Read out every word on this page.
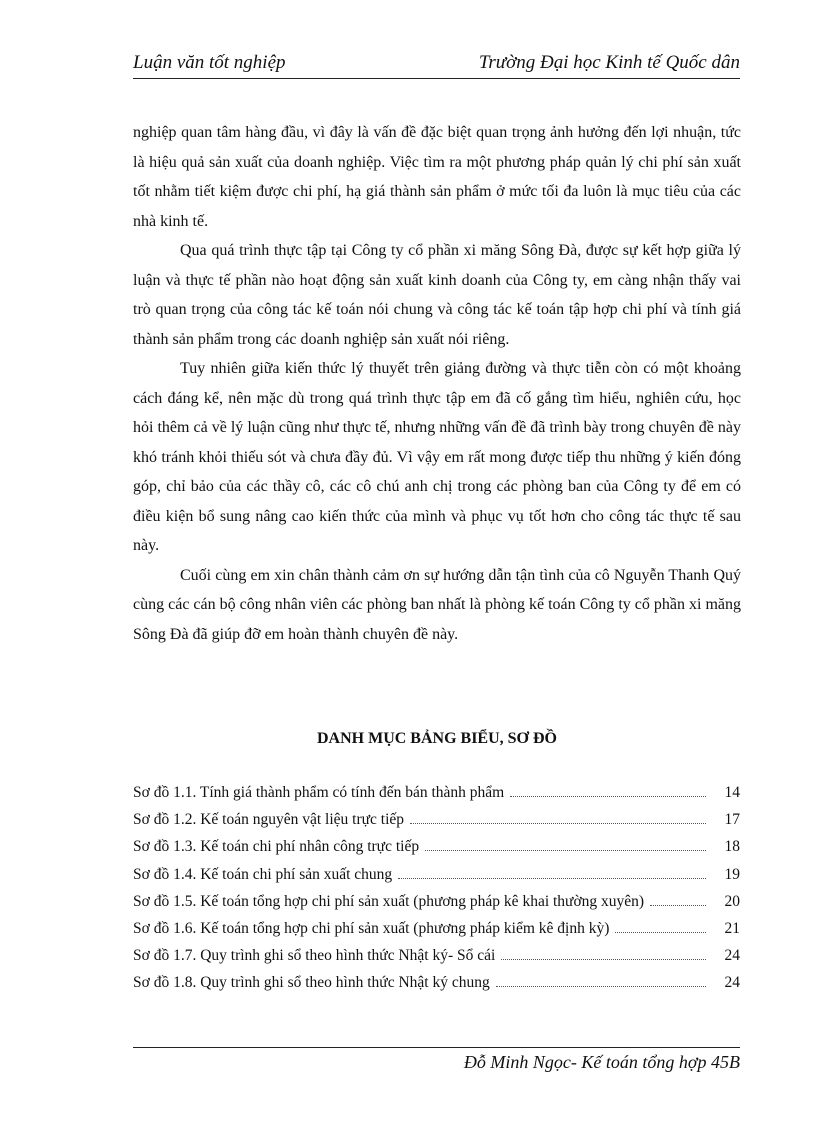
Luận văn tốt nghiệp	Trường Đại học Kinh tế Quốc dân

nghiệp quan tâm hàng đầu, vì đây là vấn đề đặc biệt quan trọng ảnh hưởng đến lợi nhuận, tức là hiệu quả sản xuất của doanh nghiệp. Việc tìm ra một phương pháp quản lý chi phí sản xuất tốt nhằm tiết kiệm được chi phí, hạ giá thành sản phẩm ở mức tối đa luôn là mục tiêu của các nhà kinh tế.

Qua quá trình thực tập tại Công ty cổ phần xi măng Sông Đà, được sự kết hợp giữa lý luận và thực tế phần nào hoạt động sản xuất kinh doanh của Công ty, em càng nhận thấy vai trò quan trọng của công tác kế toán nói chung và công tác kế toán tập hợp chi phí và tính giá thành sản phẩm trong các doanh nghiệp sản xuất nói riêng.

Tuy nhiên giữa kiến thức lý thuyết trên giảng đường và thực tiễn còn có một khoảng cách đáng kể, nên mặc dù trong quá trình thực tập em đã cố gắng tìm hiểu, nghiên cứu, học hỏi thêm cả về lý luận cũng như thực tế, nhưng những vấn đề đã trình bày trong chuyên đề này khó tránh khỏi thiếu sót và chưa đầy đủ. Vì vậy em rất mong được tiếp thu những ý kiến đóng góp, chỉ bảo của các thầy cô, các cô chú anh chị trong các phòng ban của Công ty để em có điều kiện bổ sung nâng cao kiến thức của mình và phục vụ tốt hơn cho công tác thực tế sau này.

Cuối cùng em xin chân thành cảm ơn sự hướng dẫn tận tình của cô Nguyễn Thanh Quý cùng các cán bộ công nhân viên các phòng ban nhất là phòng kế toán Công ty cổ phần xi măng Sông Đà đã giúp đỡ em hoàn thành chuyên đề này.

DANH MỤC BẢNG BIỂU, SƠ ĐỒ
Sơ đồ 1.1. Tính giá thành phẩm có tính đến bán thành phẩm	14
Sơ đồ 1.2. Kế toán nguyên vật liệu trực tiếp	17
Sơ đồ 1.3. Kế toán chi phí nhân công trực tiếp	18
Sơ đồ 1.4. Kế toán chi phí sản xuất chung	19
Sơ đồ 1.5. Kế toán tổng hợp chi phí sản xuất (phương pháp kê khai thường xuyên)	20
Sơ đồ 1.6. Kế toán tổng hợp chi phí sản xuất (phương pháp kiểm kê định kỳ)	21
Sơ đồ 1.7. Quy trình ghi sổ theo hình thức Nhật ký- Sổ cái	24
Sơ đồ 1.8. Quy trình ghi sổ theo hình thức Nhật ký chung	24
Đỗ Minh Ngọc- Kế toán tổng hợp 45B
